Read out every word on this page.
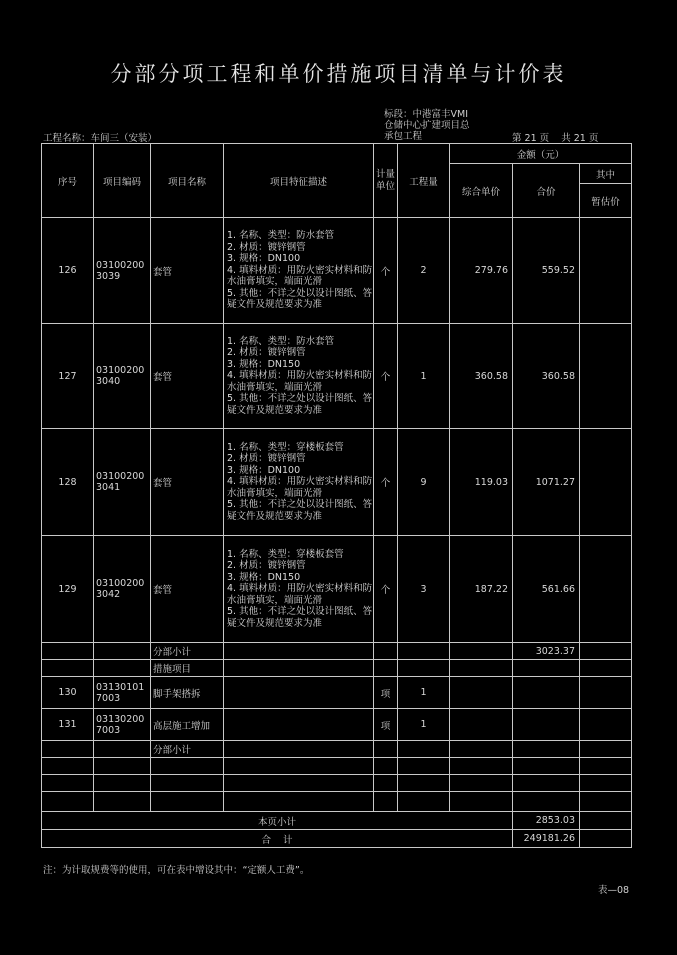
分部分项工程和单价措施项目清单与计价表
标段：中港富丰VMI
仓储中心扩建项目总
承包工程
工程名称：车间三（安装）	第 21 页    共 21 页
序号	项目编码	项目名称	项目特征描述	计量单位	工程量	金额（元）		
						综合单价	合价	其中
								暂估价
126	031002003039	套管	1. 名称、类型：防水套管
2. 材质：镀锌钢管
3. 规格：DN100
4. 填料材质：用防火密实材料和防水油膏填实，端面光滑
5. 其他：不详之处以设计图纸、答疑文件及规范要求为准	个	2	279.76	559.52	
127	031002003040	套管	1. 名称、类型：防水套管
2. 材质：镀锌钢管
3. 规格：DN150
4. 填料材质：用防火密实材料和防水油膏填实，端面光滑
5. 其他：不详之处以设计图纸、答疑文件及规范要求为准	个	1	360.58	360.58	
128	031002003041	套管	1. 名称、类型：穿楼板套管
2. 材质：镀锌钢管
3. 规格：DN100
4. 填料材质：用防火密实材料和防水油膏填实，端面光滑
5. 其他：不详之处以设计图纸、答疑文件及规范要求为准	个	9	119.03	1071.27	
129	031002003042	套管	1. 名称、类型：穿楼板套管
2. 材质：镀锌钢管
3. 规格：DN150
4. 填料材质：用防火密实材料和防水油膏填实，端面光滑
5. 其他：不详之处以设计图纸、答疑文件及规范要求为准	个	3	187.22	561.66	
		分部小计					3023.37	
		措施项目						
130	031301017003	脚手架搭拆		项	1			
131	031302007003	高层施工增加		项	1			
		分部小计						

本页小计							2853.03	
合    计							249181.26	
注：为计取规费等的使用，可在表中增设其中：“定额人工费”。
表—08
